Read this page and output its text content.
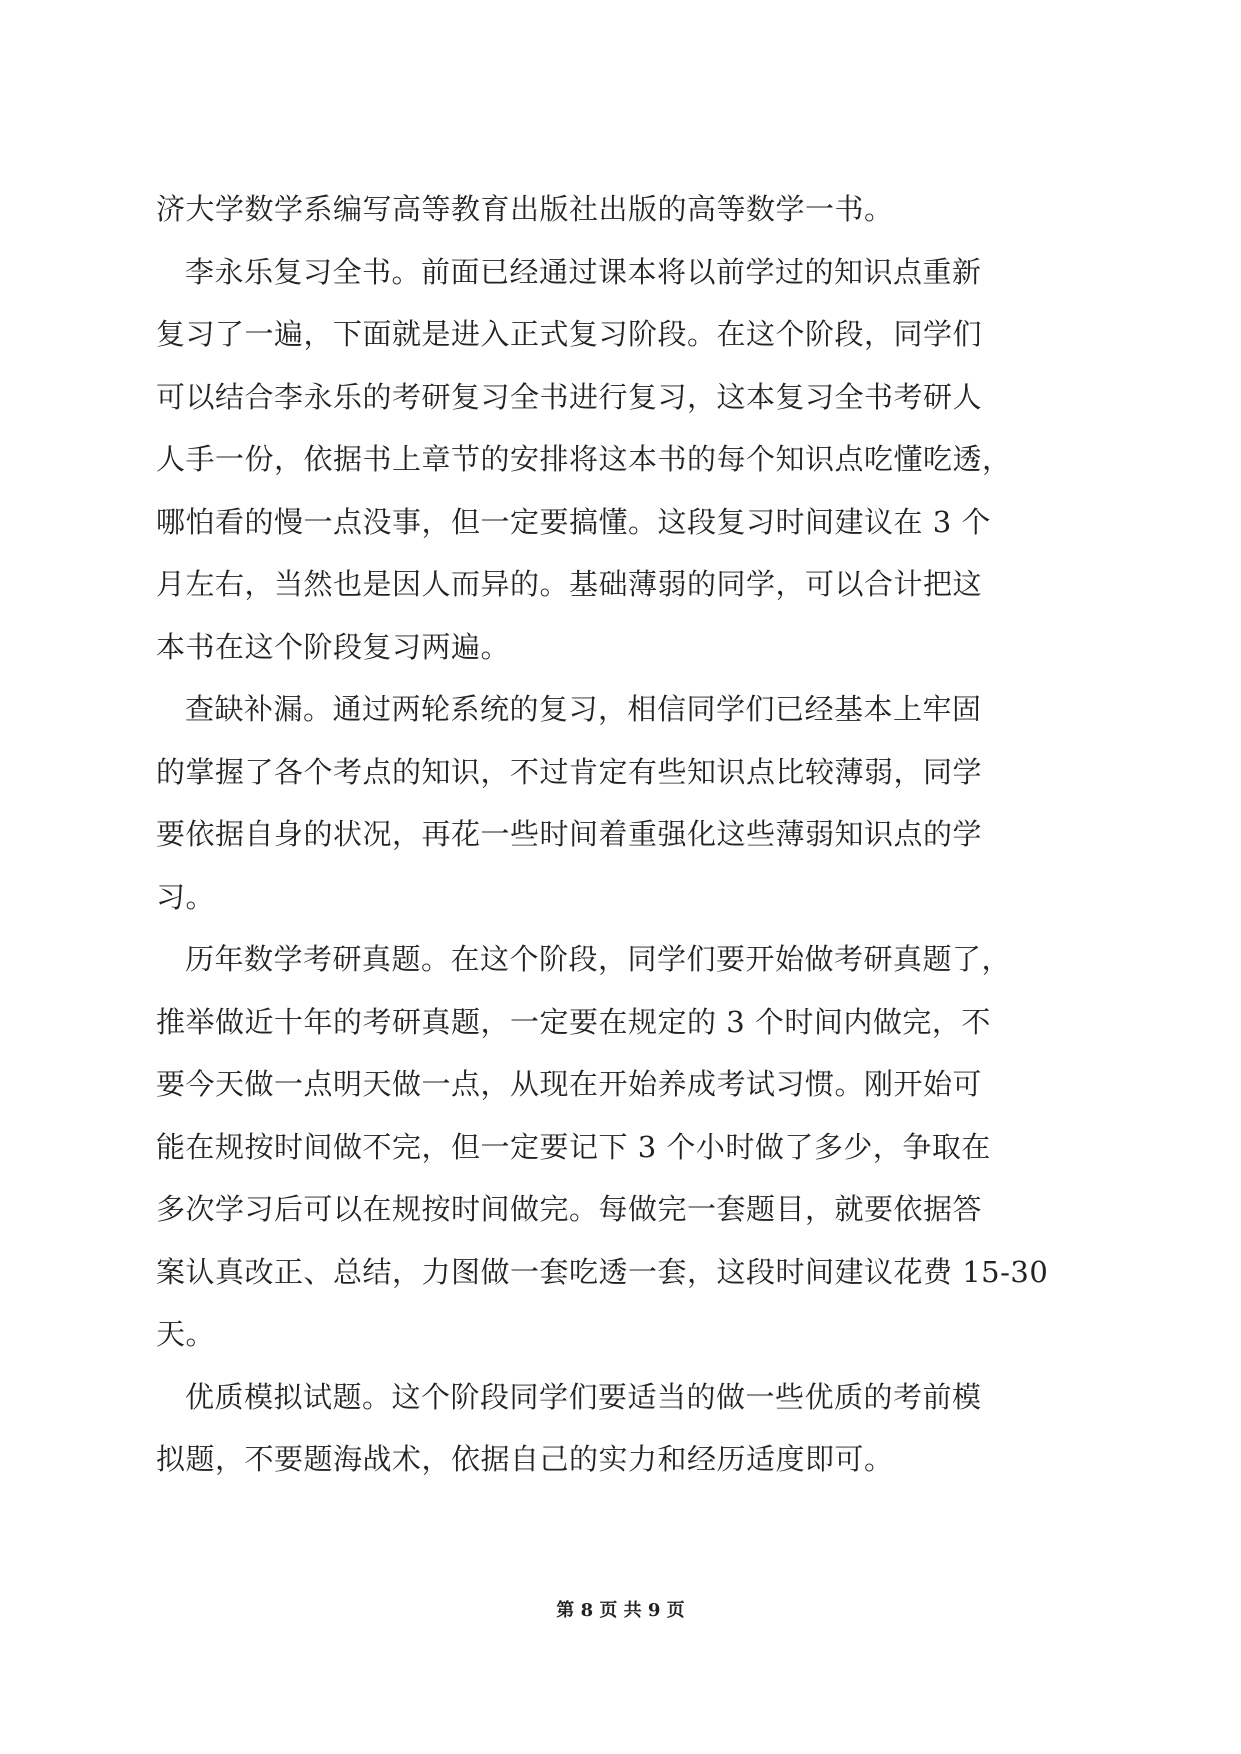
济大学数学系编写高等教育出版社出版的高等数学一书。
李永乐复习全书。前面已经通过课本将以前学过的知识点重新
复习了一遍，下面就是进入正式复习阶段。在这个阶段，同学们
可以结合李永乐的考研复习全书进行复习，这本复习全书考研人
人手一份，依据书上章节的安排将这本书的每个知识点吃懂吃透，
哪怕看的慢一点没事，但一定要搞懂。这段复习时间建议在 3 个
月左右，当然也是因人而异的。基础薄弱的同学，可以合计把这
本书在这个阶段复习两遍。
查缺补漏。通过两轮系统的复习，相信同学们已经基本上牢固
的掌握了各个考点的知识，不过肯定有些知识点比较薄弱，同学
要依据自身的状况，再花一些时间着重强化这些薄弱知识点的学
习。
历年数学考研真题。在这个阶段，同学们要开始做考研真题了，
推举做近十年的考研真题，一定要在规定的 3 个时间内做完，不
要今天做一点明天做一点，从现在开始养成考试习惯。刚开始可
能在规按时间做不完，但一定要记下 3 个小时做了多少，争取在
多次学习后可以在规按时间做完。每做完一套题目，就要依据答
案认真改正、总结，力图做一套吃透一套，这段时间建议花费 15-30
天。
优质模拟试题。这个阶段同学们要适当的做一些优质的考前模
拟题，不要题海战术，依据自己的实力和经历适度即可。
第 8 页 共 9 页
